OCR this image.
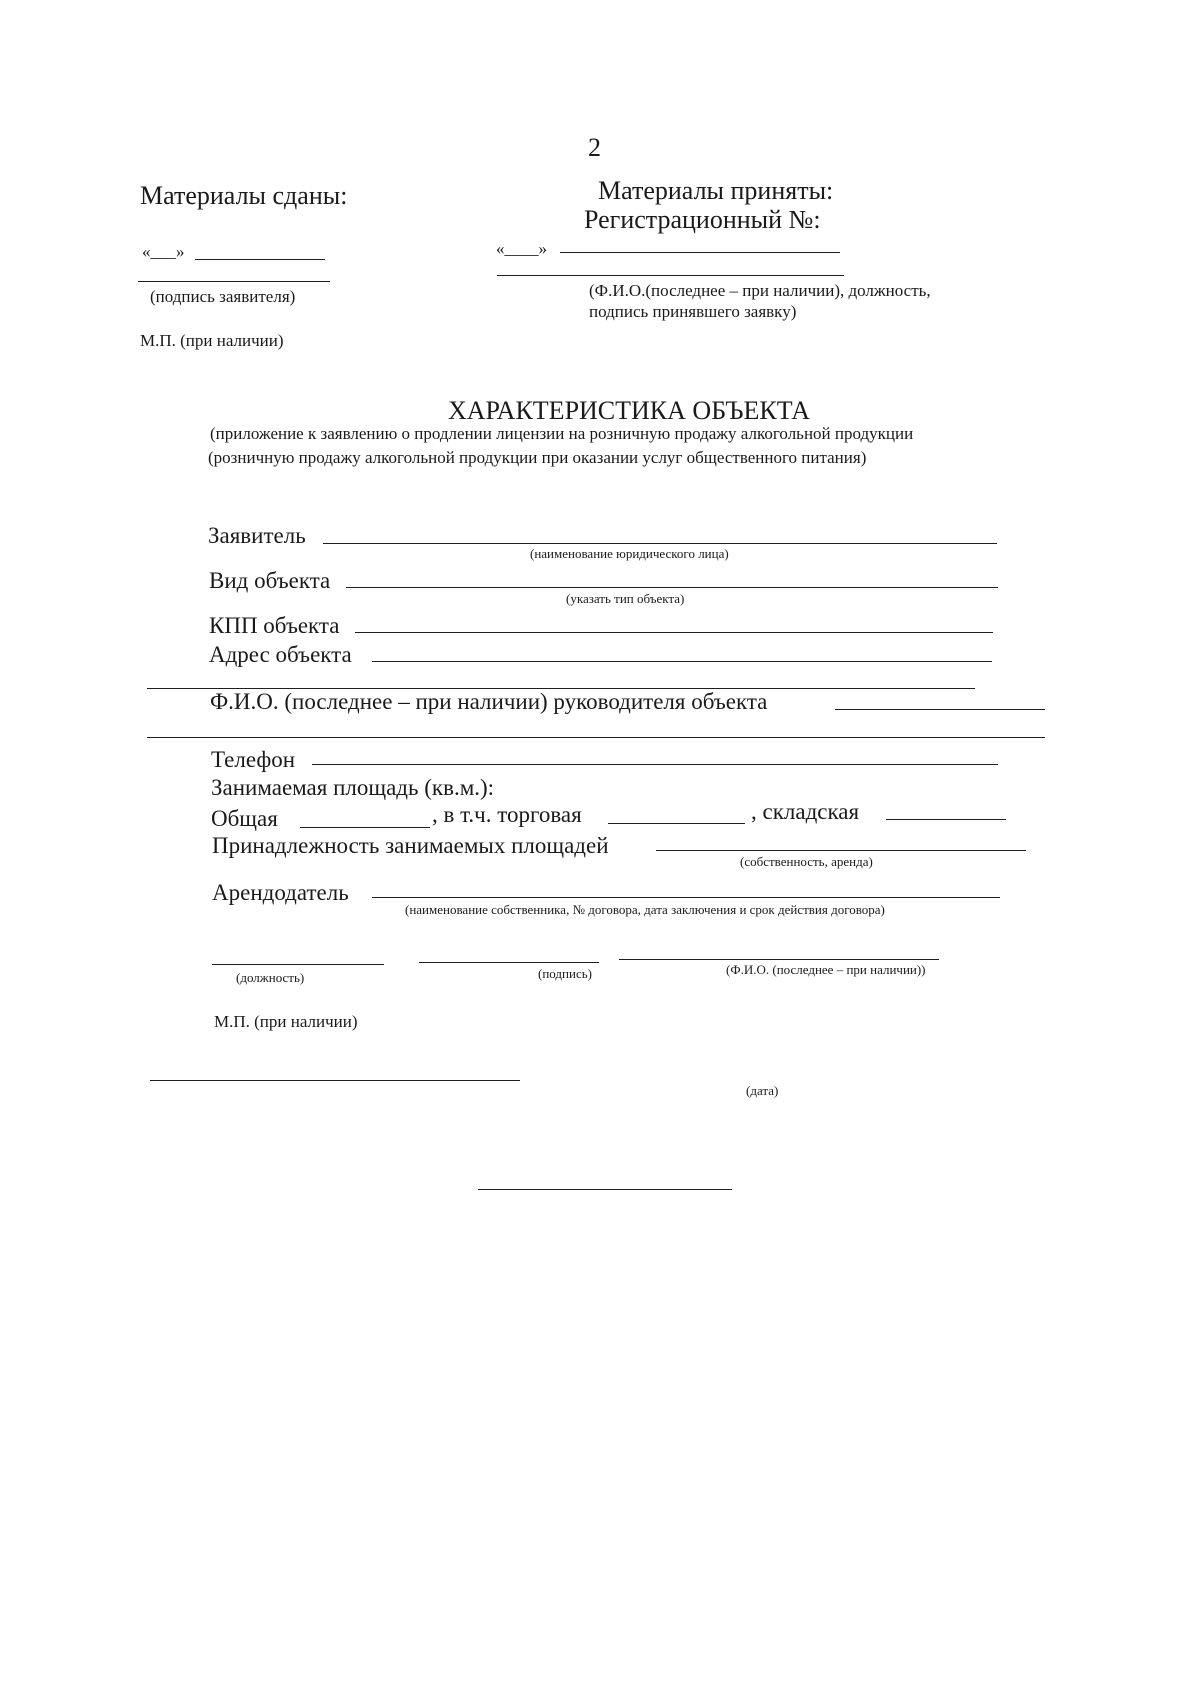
2
Материалы сданы:
«___»
(подпись заявителя)
М.П. (при наличии)
Материалы приняты:
Регистрационный №:
«____»
(Ф.И.О.(последнее – при наличии), должность,
подпись принявшего заявку)
ХАРАКТЕРИСТИКА ОБЪЕКТА
(приложение к заявлению о продлении лицензии на розничную продажу алкогольной продукции
(розничную продажу алкогольной продукции при оказании услуг общественного питания)
Заявитель
(наименование юридического лица)
Вид объекта
(указать тип объекта)
КПП объекта
Адрес объекта
Ф.И.О. (последнее – при наличии) руководителя объекта
Телефон
Занимаемая площадь (кв.м.):
Общая	, в т.ч. торговая	, складская
Принадлежность занимаемых площадей
(собственность, аренда)
Арендодатель
(наименование собственника, № договора, дата заключения и срок действия договора)
(должность)	(подпись)	(Ф.И.О. (последнее – при наличии))
М.П. (при наличии)
(дата)
